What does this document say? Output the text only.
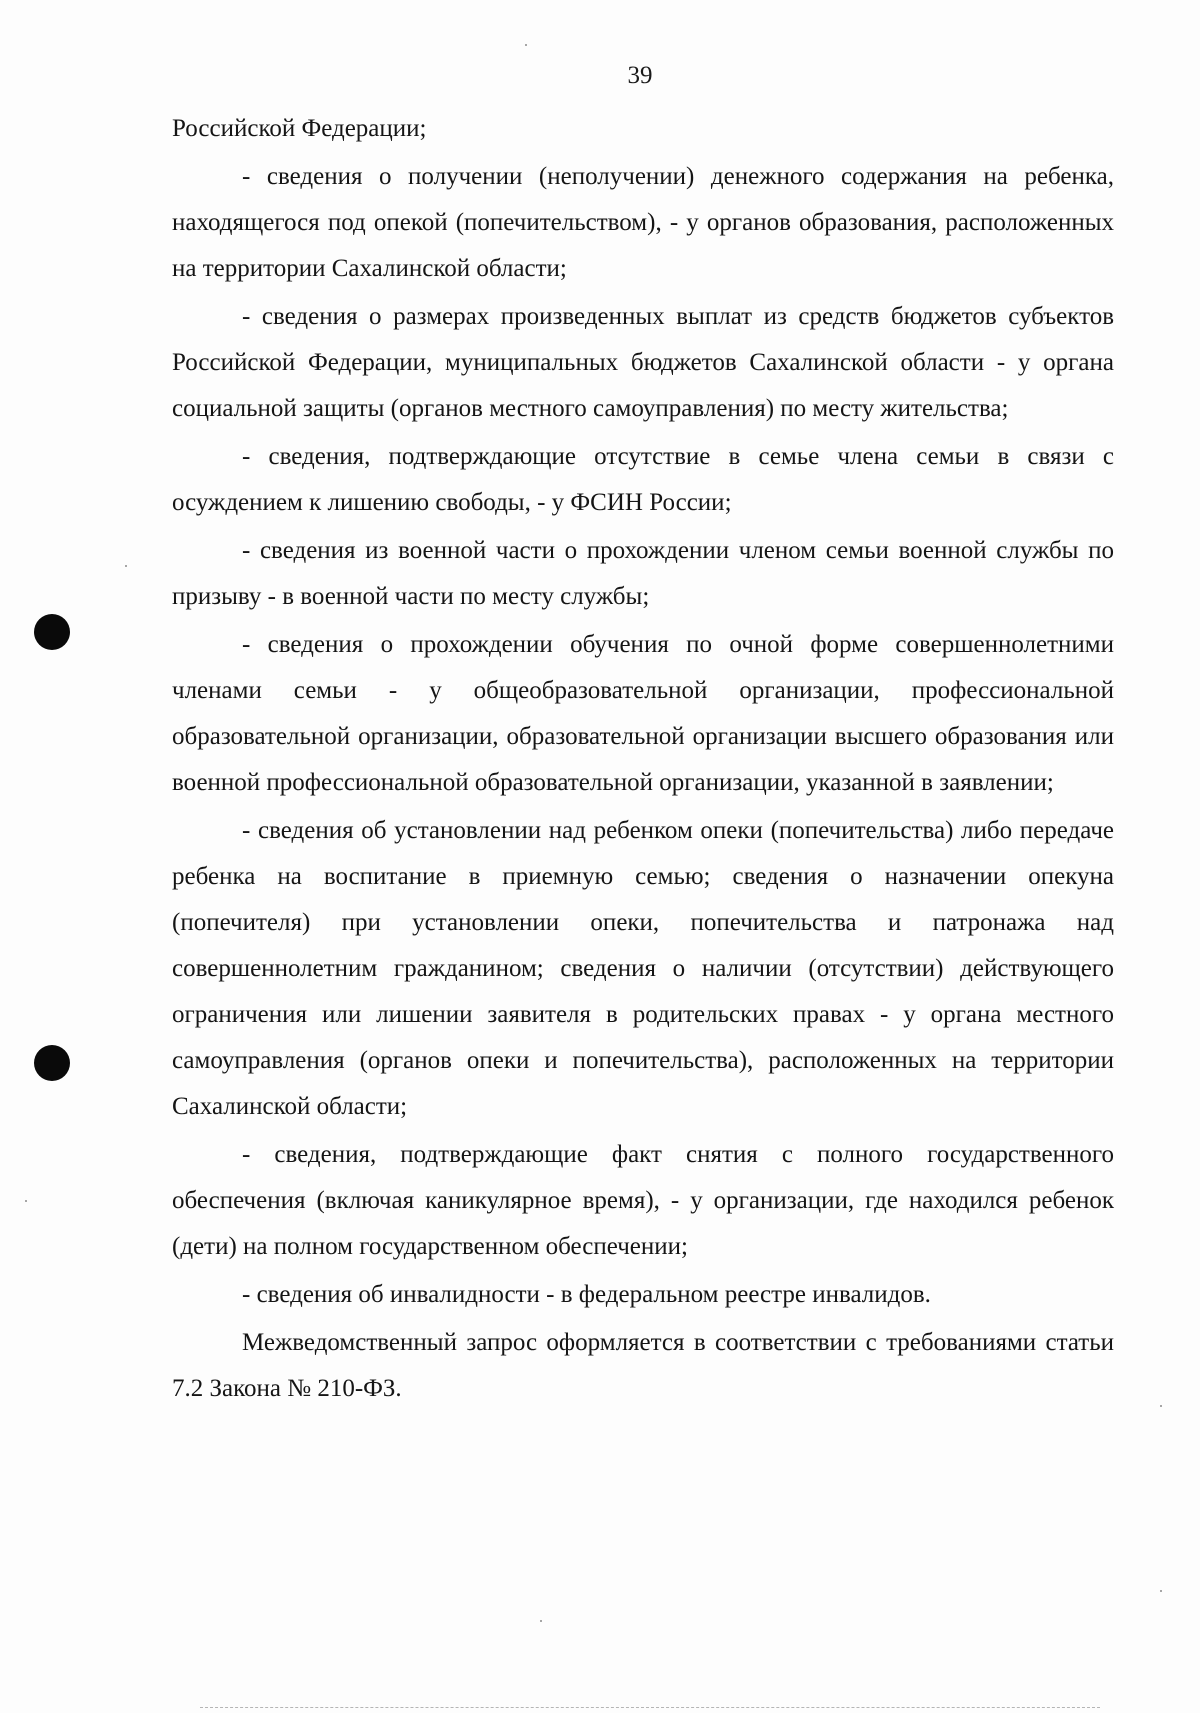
39

Российской Федерации;

- сведения о получении (неполучении) денежного содержания на ребенка, находящегося под опекой (попечительством), - у органов образования, расположенных на территории Сахалинской области;

- сведения о размерах произведенных выплат из средств бюджетов субъектов Российской Федерации, муниципальных бюджетов Сахалинской области - у органа социальной защиты (органов местного самоуправления) по месту жительства;

- сведения, подтверждающие отсутствие в семье члена семьи в связи с осуждением к лишению свободы, - у ФСИН России;

- сведения из военной части о прохождении членом семьи военной службы по призыву - в военной части по месту службы;

- сведения о прохождении обучения по очной форме совершеннолетними членами семьи - у общеобразовательной организации, профессиональной образовательной организации, образовательной организации высшего образования или военной профессиональной образовательной организации, указанной в заявлении;

- сведения об установлении над ребенком опеки (попечительства) либо передаче ребенка на воспитание в приемную семью; сведения о назначении опекуна (попечителя) при установлении опеки, попечительства и патронажа над совершеннолетним гражданином; сведения о наличии (отсутствии) действующего ограничения или лишении заявителя в родительских правах - у органа местного самоуправления (органов опеки и попечительства), расположенных на территории Сахалинской области;

- сведения, подтверждающие факт снятия с полного государственного обеспечения (включая каникулярное время), - у организации, где находился ребенок (дети) на полном государственном обеспечении;

- сведения об инвалидности - в федеральном реестре инвалидов.

Межведомственный запрос оформляется в соответствии с требованиями статьи 7.2 Закона № 210-ФЗ.
